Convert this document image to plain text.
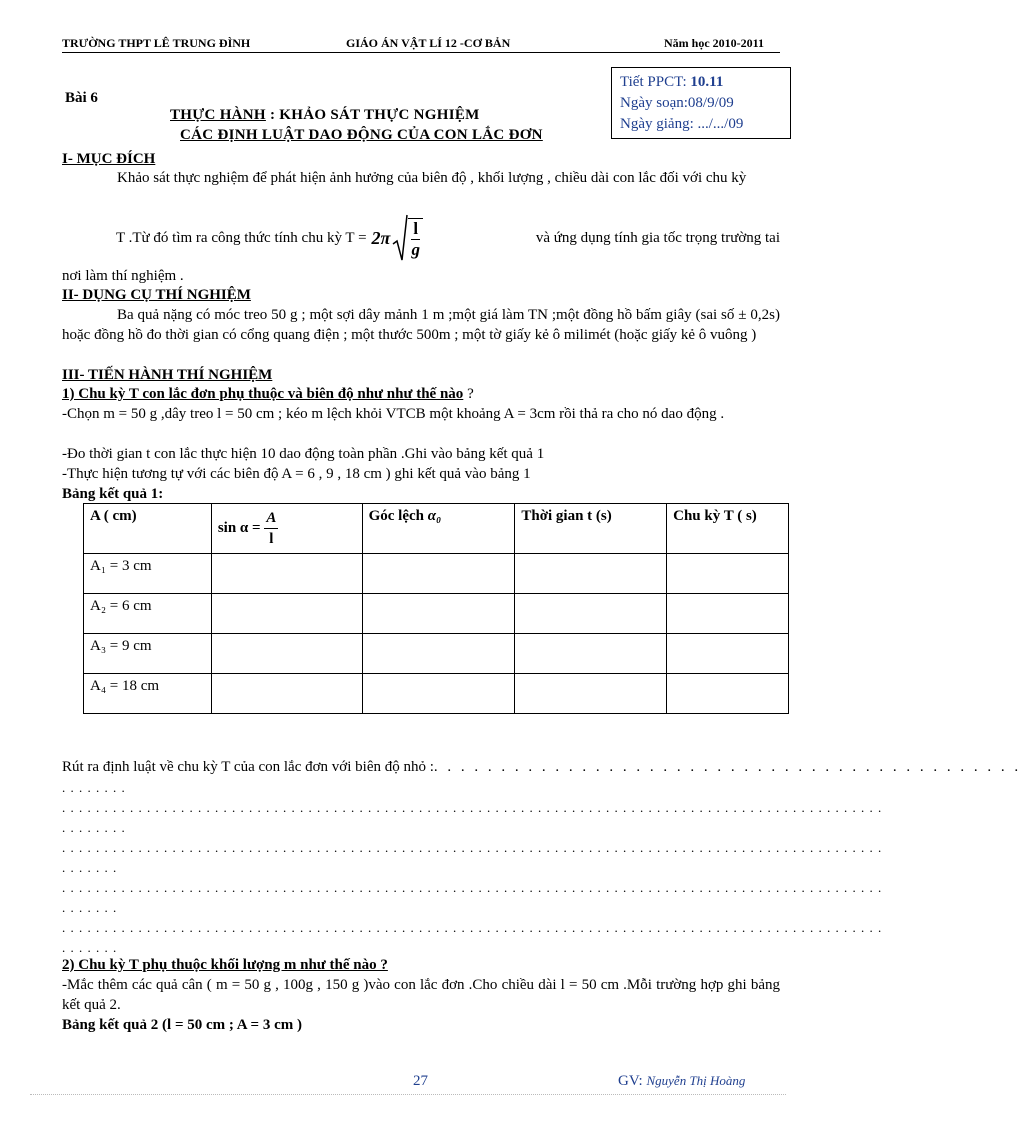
TRƯỜNG THPT LÊ TRUNG ĐÌNH	GIÁO ÁN VẬT LÍ 12 -CƠ BẢN	Năm học 2010-2011
Tiết PPCT: 10.11
Ngày soạn:08/9/09
Ngày giảng: .../.../09
Bài 6
THỰC HÀNH : KHẢO SÁT THỰC NGHIỆM
CÁC ĐỊNH LUẬT DAO ĐỘNG CỦA CON LẮC ĐƠN
I- MỤC ĐÍCH
Khảo sát thực nghiệm để phát hiện ảnh hưởng của biên độ , khối lượng , chiều dài con lắc đối với chu kỳ
T .Từ đó tìm ra công thức tính chu kỳ $T = 2\pi \frac{l}{g}$	và ứng dụng tính gia tốc trọng trường tai
nơi làm thí nghiệm .
II- DỤNG CỤ THÍ NGHIỆM
Ba quả nặng có móc treo 50 g ; một sợi dây mảnh 1 m ;một giá làm TN ;một đồng hồ bấm giây (sai số ± 0,2s) hoặc đồng hồ đo thời gian có cổng quang điện ; một thước 500m ; một tờ giấy kẻ ô milimét (hoặc giấy kẻ ô vuông )
III- TIẾN HÀNH THÍ NGHIỆM
1) Chu kỳ T con lắc đơn phụ thuộc và biên độ như như thế nào ?
-Chọn m = 50 g ,dây treo l = 50 cm ; kéo m lệch khỏi VTCB một khoảng A = 3cm rồi thả ra cho nó dao động .
-Đo thời gian t con lắc thực hiện 10 dao động toàn phần .Ghi vào bảng kết quả 1
-Thực hiện tương tự với các biên độ A = 6 , 9 , 18 cm ) ghi kết quả vào bảng 1
Bảng kết quả 1:
A ( cm)	$\sin \alpha = \frac{A}{l}$	Góc lệch α₀	Thời gian t (s)	Chu kỳ T ( s)
A₁ = 3 cm				
A₂ = 6 cm				
A₃ = 9 cm				
A₄ = 18 cm				
Rút ra định luật về chu kỳ T của con lắc đơn với biên độ nhỏ :. . . . . . . . . . . . . . . . . . . . . . . . . . . . . . . . . . . . . . . . . . . .
. . . . . . . .
. . . . . . . . . . . . . . . . . . . . . . . . . . . . . . . . . . . . . . . . . . . . . . . . . . . . . . . . . . . . . . . . . . . . . . . . . . . . . . . . . . . . . . . . . . . . . . . . .
. . . . . . . .
. . . . . . . . . . . . . . . . . . . . . . . . . . . . . . . . . . . . . . . . . . . . . . . . . . . . . . . . . . . . . . . . . . . . . . . . . . . . . . . . . . . . . . . . . . . . . . . . .
. . . . . . .
. . . . . . . . . . . . . . . . . . . . . . . . . . . . . . . . . . . . . . . . . . . . . . . . . . . . . . . . . . . . . . . . . . . . . . . . . . . . . . . . . . . . . . . . . . . . . . . . .
. . . . . . .
. . . . . . . . . . . . . . . . . . . . . . . . . . . . . . . . . . . . . . . . . . . . . . . . . . . . . . . . . . . . . . . . . . . . . . . . . . . . . . . . . . . . . . . . . . . . . . . . .
. . . . . . .
2) Chu kỳ T phụ thuộc khối lượng m như thế nào ?
-Mắc thêm các quả cân ( m = 50 g , 100g , 150 g )vào con lắc đơn .Cho chiều dài l = 50 cm .Mỗi trường hợp ghi bảng kết quả 2.
Bảng kết quả 2 (l = 50 cm ; A = 3 cm )
27	GV: Nguyễn Thị Hoàng
